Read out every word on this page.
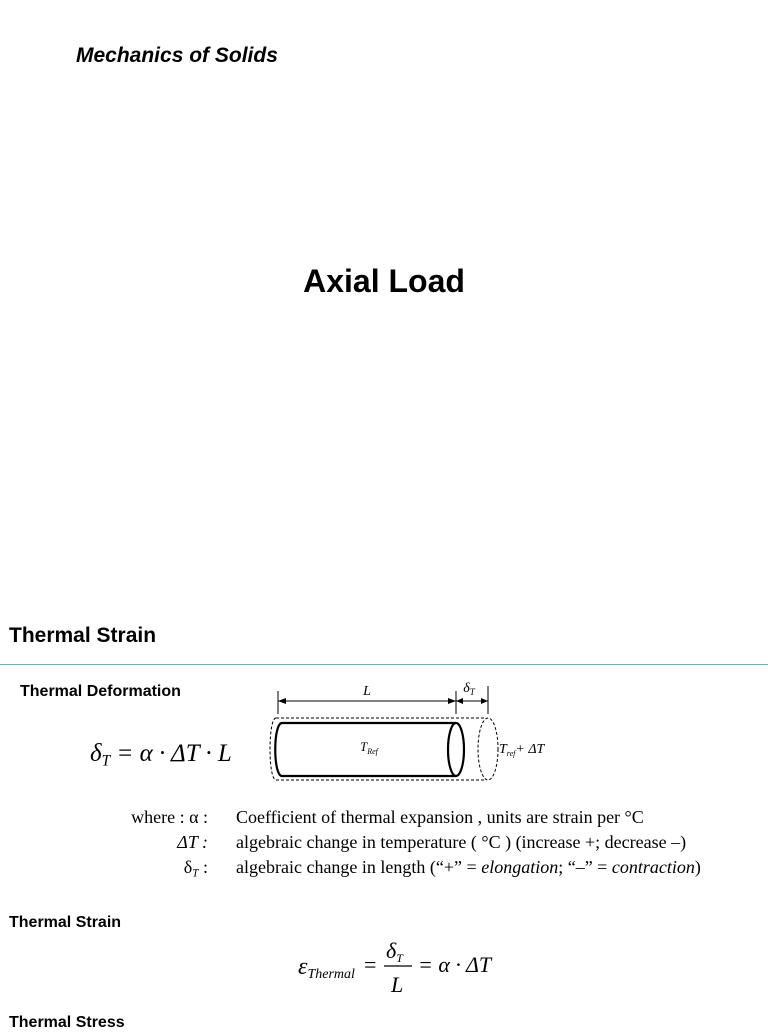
Mechanics of Solids
Axial Load
Thermal Strain
Thermal Deformation
$\delta_T = \alpha \cdot \Delta T \cdot L$
L	$\delta_T$
$T_{Ref}$	$T_{ref}+ \Delta T$
where : α : Coefficient of thermal expansion , units are strain per °C
ΔT : algebraic change in temperature ( °C ) (increase +; decrease –)
$\delta_T$ : algebraic change in length (“+” = elongation; “–” = contraction)
Thermal Strain
εThermal =
δT
L
= α · ΔT
Thermal Stress
